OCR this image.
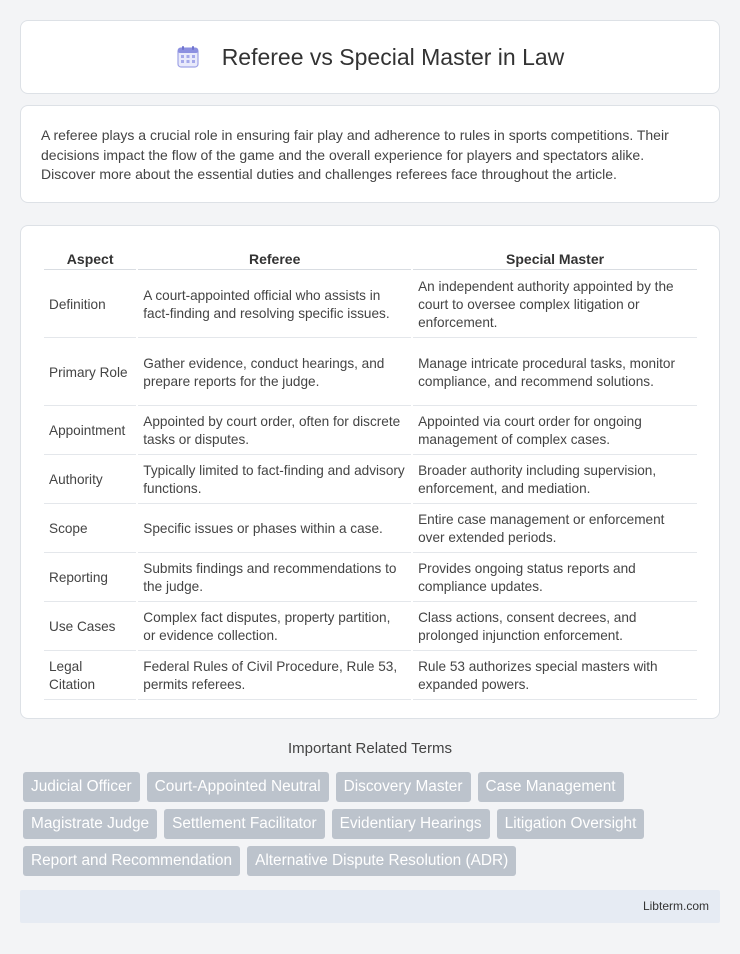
Referee vs Special Master in Law

A referee plays a crucial role in ensuring fair play and adherence to rules in sports competitions. Their decisions impact the flow of the game and the overall experience for players and spectators alike. Discover more about the essential duties and challenges referees face throughout the article.

Aspect	Referee	Special Master
Definition	A court-appointed official who assists in fact-finding and resolving specific issues.	An independent authority appointed by the court to oversee complex litigation or enforcement.
Primary Role	Gather evidence, conduct hearings, and prepare reports for the judge.	Manage intricate procedural tasks, monitor compliance, and recommend solutions.
Appointment	Appointed by court order, often for discrete tasks or disputes.	Appointed via court order for ongoing management of complex cases.
Authority	Typically limited to fact-finding and advisory functions.	Broader authority including supervision, enforcement, and mediation.
Scope	Specific issues or phases within a case.	Entire case management or enforcement over extended periods.
Reporting	Submits findings and recommendations to the judge.	Provides ongoing status reports and compliance updates.
Use Cases	Complex fact disputes, property partition, or evidence collection.	Class actions, consent decrees, and prolonged injunction enforcement.
Legal Citation	Federal Rules of Civil Procedure, Rule 53, permits referees.	Rule 53 authorizes special masters with expanded powers.
Important Related Terms
Judicial Officer	Court-Appointed Neutral	Discovery Master	Case Management
Magistrate Judge	Settlement Facilitator	Evidentiary Hearings	Litigation Oversight
Report and Recommendation	Alternative Dispute Resolution (ADR)
Libterm.com
